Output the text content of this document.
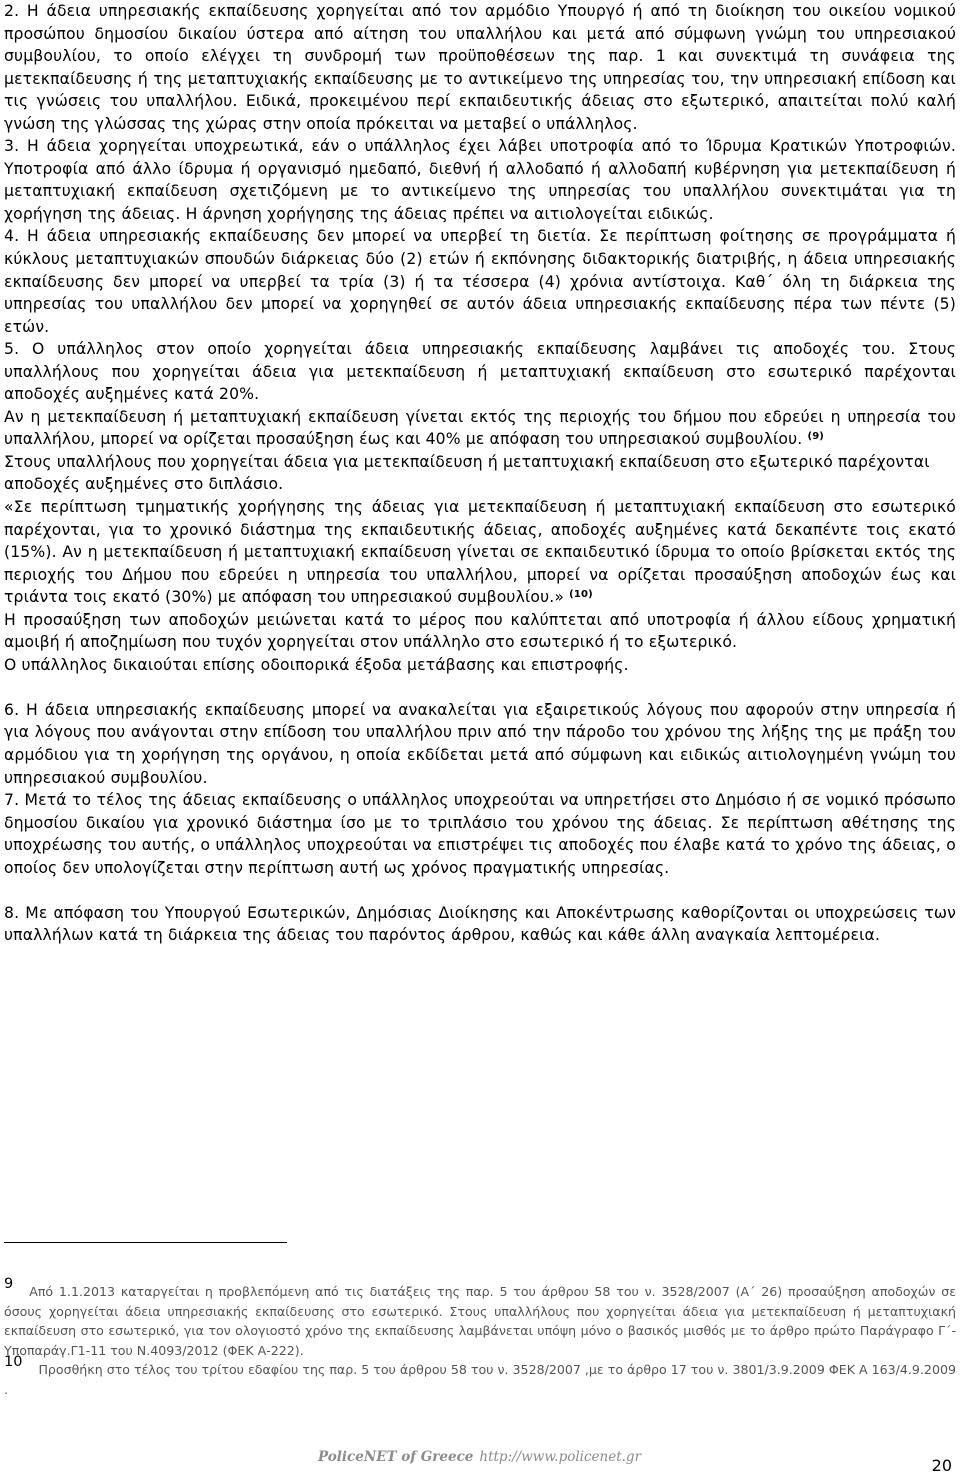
2. Η άδεια υπηρεσιακής εκπαίδευσης χορηγείται από τον αρμόδιο Υπουργό ή από τη διοίκηση του οικείου νομικού προσώπου δημοσίου δικαίου ύστερα από αίτηση του υπαλλήλου και μετά από σύμφωνη γνώμη του υπηρεσιακού συμβουλίου, το οποίο ελέγχει τη συνδρομή των προϋποθέσεων της παρ. 1 και συνεκτιμά τη συνάφεια της μετεκπαίδευσης ή της μεταπτυχιακής εκπαίδευσης με το αντικείμενο της υπηρεσίας του, την υπηρεσιακή επίδοση και τις γνώσεις του υπαλλήλου. Ειδικά, προκειμένου περί εκπαιδευτικής άδειας στο εξωτερικό, απαιτείται πολύ καλή γνώση της γλώσσας της χώρας στην οποία πρόκειται να μεταβεί ο υπάλληλος.

3. Η άδεια χορηγείται υποχρεωτικά, εάν ο υπάλληλος έχει λάβει υποτροφία από το Ίδρυμα Κρατικών Υποτροφιών. Υποτροφία από άλλο ίδρυμα ή οργανισμό ημεδαπό, διεθνή ή αλλοδαπό ή αλλοδαπή κυβέρνηση για μετεκπαίδευση ή μεταπτυχιακή εκπαίδευση σχετιζόμενη με το αντικείμενο της υπηρεσίας του υπαλλήλου συνεκτιμάται για τη χορήγηση της άδειας. Η άρνηση χορήγησης της άδειας πρέπει να αιτιολογείται ειδικώς.

4. Η άδεια υπηρεσιακής εκπαίδευσης δεν μπορεί να υπερβεί τη διετία. Σε περίπτωση φοίτησης σε προγράμματα ή κύκλους μεταπτυχιακών σπουδών διάρκειας δύο (2) ετών ή εκπόνησης διδακτορικής διατριβής, η άδεια υπηρεσιακής εκπαίδευσης δεν μπορεί να υπερβεί τα τρία (3) ή τα τέσσερα (4) χρόνια αντίστοιχα. Καθ΄ όλη τη διάρκεια της υπηρεσίας του υπαλλήλου δεν μπορεί να χορηγηθεί σε αυτόν άδεια υπηρεσιακής εκπαίδευσης πέρα των πέντε (5) ετών.

5. Ο υπάλληλος στον οποίο χορηγείται άδεια υπηρεσιακής εκπαίδευσης λαμβάνει τις αποδοχές του. Στους υπαλλήλους που χορηγείται άδεια για μετεκπαίδευση ή μεταπτυχιακή εκπαίδευση στο εσωτερικό παρέχονται αποδοχές αυξημένες κατά 20%.

Αν η μετεκπαίδευση ή μεταπτυχιακή εκπαίδευση γίνεται εκτός της περιοχής του δήμου που εδρεύει η υπηρεσία του υπαλλήλου, μπορεί να ορίζεται προσαύξηση έως και 40% με απόφαση του υπηρεσιακού συμβουλίου. $^{(9)}$

Στους υπαλλήλους που χορηγείται άδεια για μετεκπαίδευση ή μεταπτυχιακή εκπαίδευση στο εξωτερικό παρέχονται αποδοχές αυξημένες στο διπλάσιο.

«Σε περίπτωση τμηματικής χορήγησης της άδειας για μετεκπαίδευση ή μεταπτυχιακή εκπαίδευση στο εσωτερικό παρέχονται, για το χρονικό διάστημα της εκπαιδευτικής άδειας, αποδοχές αυξημένες κατά δεκαπέντε τοις εκατό (15%). Αν η μετεκπαίδευση ή μεταπτυχιακή εκπαίδευση γίνεται σε εκπαιδευτικό ίδρυμα το οποίο βρίσκεται εκτός της περιοχής του Δήμου που εδρεύει η υπηρεσία του υπαλλήλου, μπορεί να ορίζεται προσαύξηση αποδοχών έως και τριάντα τοις εκατό (30%) με απόφαση του υπηρεσιακού συμβουλίου.» $^{(10)}$

Η προσαύξηση των αποδοχών μειώνεται κατά το μέρος που καλύπτεται από υποτροφία ή άλλου είδους χρηματική αμοιβή ή αποζημίωση που τυχόν χορηγείται στον υπάλληλο στο εσωτερικό ή το εξωτερικό.

Ο υπάλληλος δικαιούται επίσης οδοιπορικά έξοδα μετάβασης και επιστροφής.

6. Η άδεια υπηρεσιακής εκπαίδευσης μπορεί να ανακαλείται για εξαιρετικούς λόγους που αφορούν στην υπηρεσία ή για λόγους που ανάγονται στην επίδοση του υπαλλήλου πριν από την πάροδο του χρόνου της λήξης της με πράξη του αρμόδιου για τη χορήγηση της οργάνου, η οποία εκδίδεται μετά από σύμφωνη και ειδικώς αιτιολογημένη γνώμη του υπηρεσιακού συμβουλίου.

7. Μετά το τέλος της άδειας εκπαίδευσης ο υπάλληλος υποχρεούται να υπηρετήσει στο Δημόσιο ή σε νομικό πρόσωπο δημοσίου δικαίου για χρονικό διάστημα ίσο με το τριπλάσιο του χρόνου της άδειας. Σε περίπτωση αθέτησης της υποχρέωσης του αυτής, ο υπάλληλος υποχρεούται να επιστρέψει τις αποδοχές που έλαβε κατά το χρόνο της άδειας, ο οποίος δεν υπολογίζεται στην περίπτωση αυτή ως χρόνος πραγματικής υπηρεσίας.

8. Με απόφαση του Υπουργού Εσωτερικών, Δημόσιας Διοίκησης και Αποκέντρωσης καθορίζονται οι υποχρεώσεις των υπαλλήλων κατά τη διάρκεια της άδειας του παρόντος άρθρου, καθώς και κάθε άλλη αναγκαία λεπτομέρεια.

9 Από 1.1.2013 καταργείται η προβλεπόμενη από τις διατάξεις της παρ. 5 του άρθρου 58 του ν. 3528/2007 (Α΄ 26) προσαύξηση αποδοχών σε όσους χορηγείται άδεια υπηρεσιακής εκπαίδευσης στο εσωτερικό. Στους υπαλλήλους που χορηγείται άδεια για μετεκπαίδευση ή μεταπτυχιακή εκπαίδευση στο εσωτερικό, για τον ολογιοστό χρόνο της εκπαίδευσης λαμβάνεται υπόψη μόνο ο βασικός μισθός με το άρθρο πρώτο Παράγραφο Γ΄- Υποπαράγ.Γ1-11 του Ν.4093/2012 (ΦΕΚ Α-222).

10 Προσθήκη στο τέλος του τρίτου εδαφίου της παρ. 5 του άρθρου 58 του ν. 3528/2007 ,με το άρθρο 17 του ν. 3801/3.9.2009 ΦΕΚ Α 163/4.9.2009 .

PoliceNET of Greece http://www.policenet.gr	20
